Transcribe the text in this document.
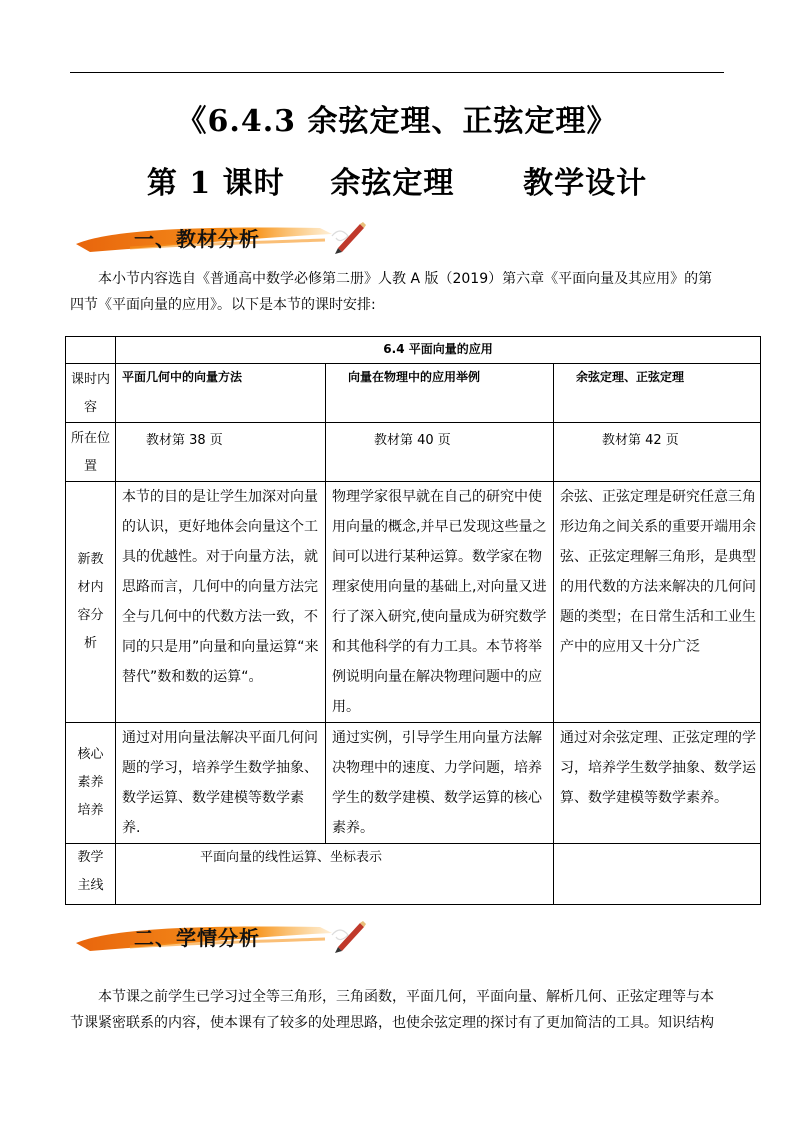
《6.4.3 余弦定理、正弦定理》
第 1 课时    余弦定理      教学设计
一、教材分析
本小节内容选自《普通高中数学必修第二册》人教 A 版（2019）第六章《平面向量及其应用》的第四节《平面向量的应用》。以下是本节的课时安排:
	6.4 平面向量的应用		
课时内容	平面几何中的向量方法	向量在物理中的应用举例	余弦定理、正弦定理
所在位置	教材第 38 页	教材第 40 页	教材第 42 页
新教材内容分析	本节的目的是让学生加深对向量的认识，更好地体会向量这个工具的优越性。对于向量方法，就思路而言，几何中的向量方法完全与几何中的代数方法一致，不同的只是用”向量和向量运算“来替代”数和数的运算“。	物理学家很早就在自己的研究中使用向量的概念,并早已发现这些量之间可以进行某种运算。数学家在物理家使用向量的基础上,对向量又进行了深入研究,使向量成为研究数学和其他科学的有力工具。本节将举例说明向量在解决物理问题中的应用。	余弦、正弦定理是研究任意三角形边角之间关系的重要开端用余弦、正弦定理解三角形，是典型的用代数的方法来解决的几何问题的类型；在日常生活和工业生产中的应用又十分广泛
核心素养培养	通过对用向量法解决平面几何问题的学习，培养学生数学抽象、数学运算、数学建模等数学素养.	通过实例，引导学生用向量方法解决物理中的速度、力学问题，培养学生的数学建模、数学运算的核心素养。	通过对余弦定理、正弦定理的学习，培养学生数学抽象、数学运算、数学建模等数学素养。
教学主线	平面向量的线性运算、坐标表示		
二、学情分析
本节课之前学生已学习过全等三角形，三角函数，平面几何，平面向量、解析几何、正弦定理等与本节课紧密联系的内容，使本课有了较多的处理思路，也使余弦定理的探讨有了更加简洁的工具。知识结构
